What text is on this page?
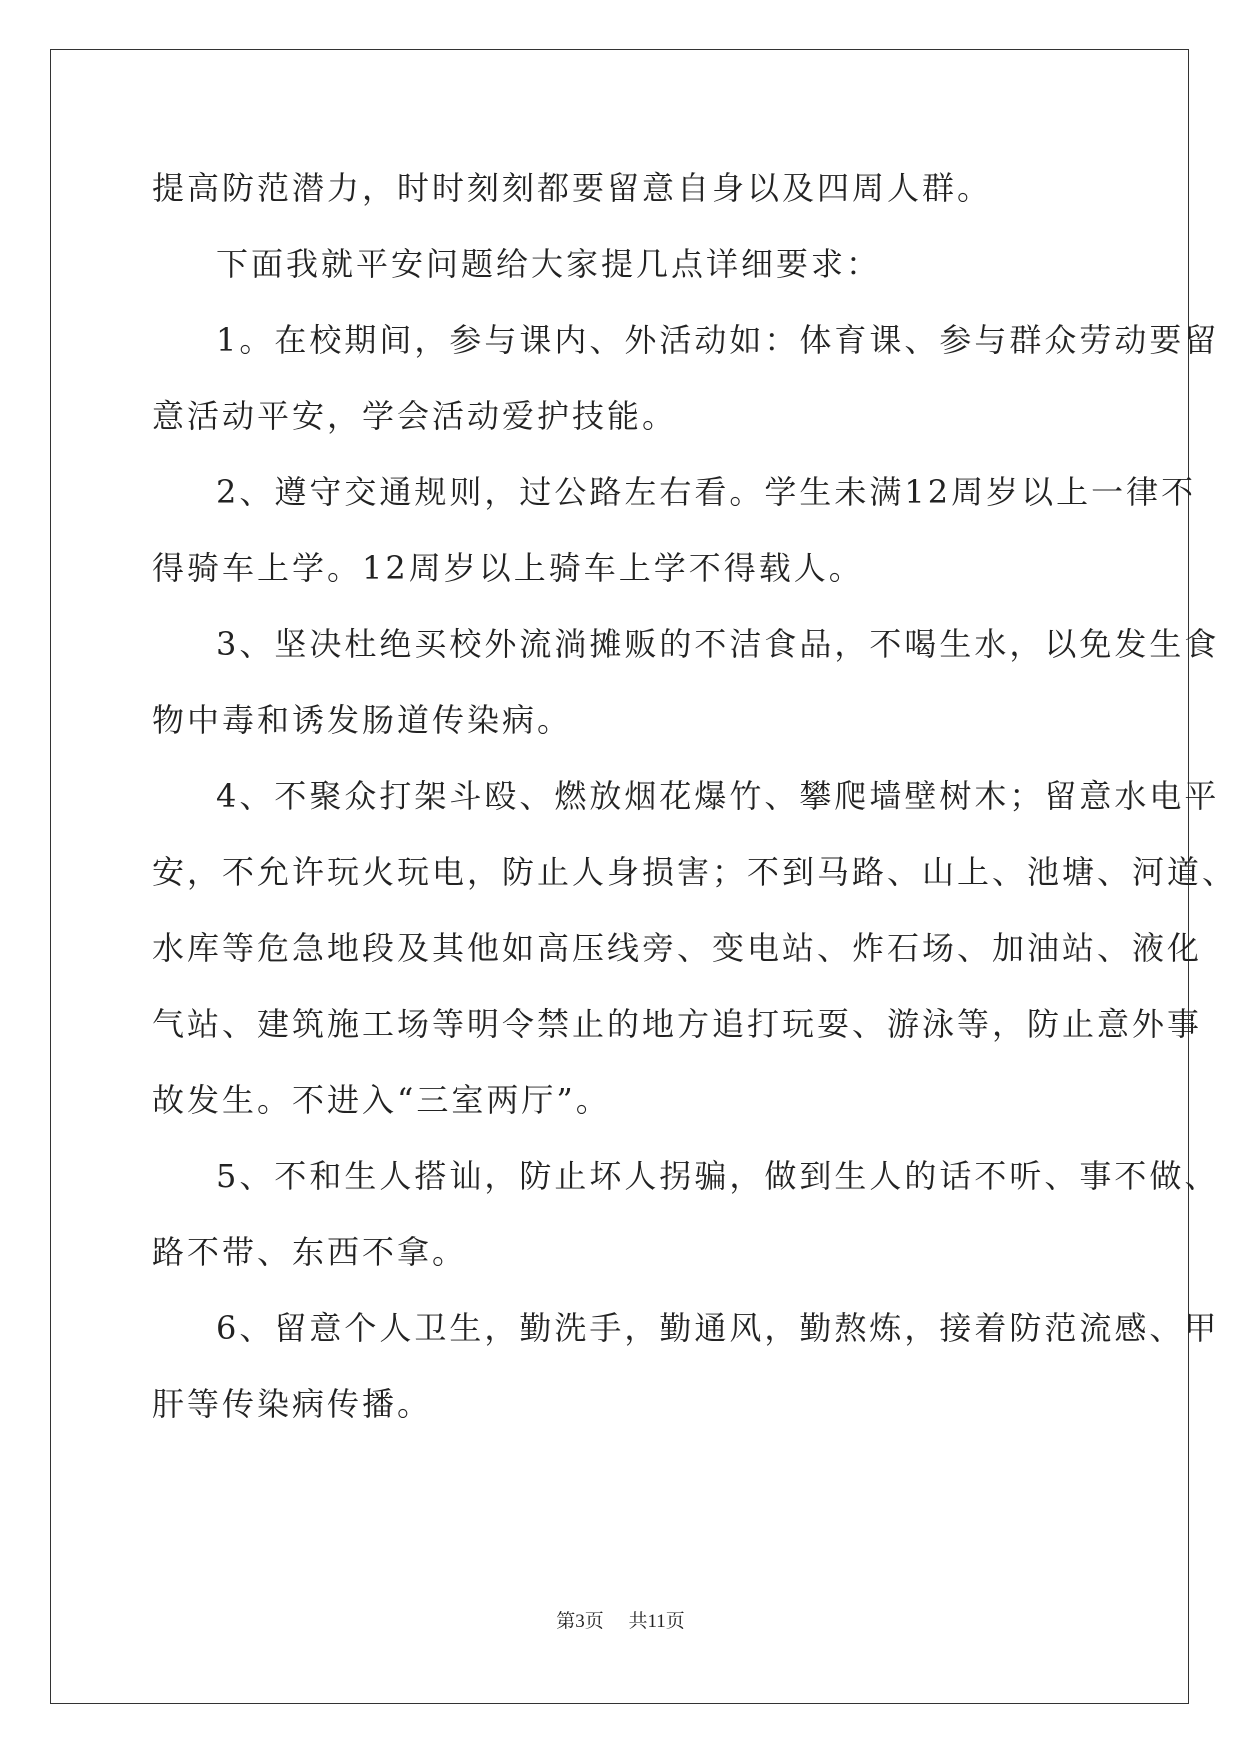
提高防范潜力，时时刻刻都要留意自身以及四周人群。

下面我就平安问题给大家提几点详细要求：

1。在校期间，参与课内、外活动如：体育课、参与群众劳动要留

意活动平安，学会活动爱护技能。

2、遵守交通规则，过公路左右看。学生未满12周岁以上一律不

得骑车上学。12周岁以上骑车上学不得载人。

3、坚决杜绝买校外流淌摊贩的不洁食品，不喝生水，以免发生食

物中毒和诱发肠道传染病。

4、不聚众打架斗殴、燃放烟花爆竹、攀爬墙壁树木；留意水电平

安，不允许玩火玩电，防止人身损害；不到马路、山上、池塘、河道、

水库等危急地段及其他如高压线旁、变电站、炸石场、加油站、液化

气站、建筑施工场等明令禁止的地方追打玩耍、游泳等，防止意外事

故发生。不进入“三室两厅”。

5、不和生人搭讪，防止坏人拐骗，做到生人的话不听、事不做、

路不带、东西不拿。

6、留意个人卫生，勤洗手，勤通风，勤熬炼，接着防范流感、甲

肝等传染病传播。

第3页 共11页
